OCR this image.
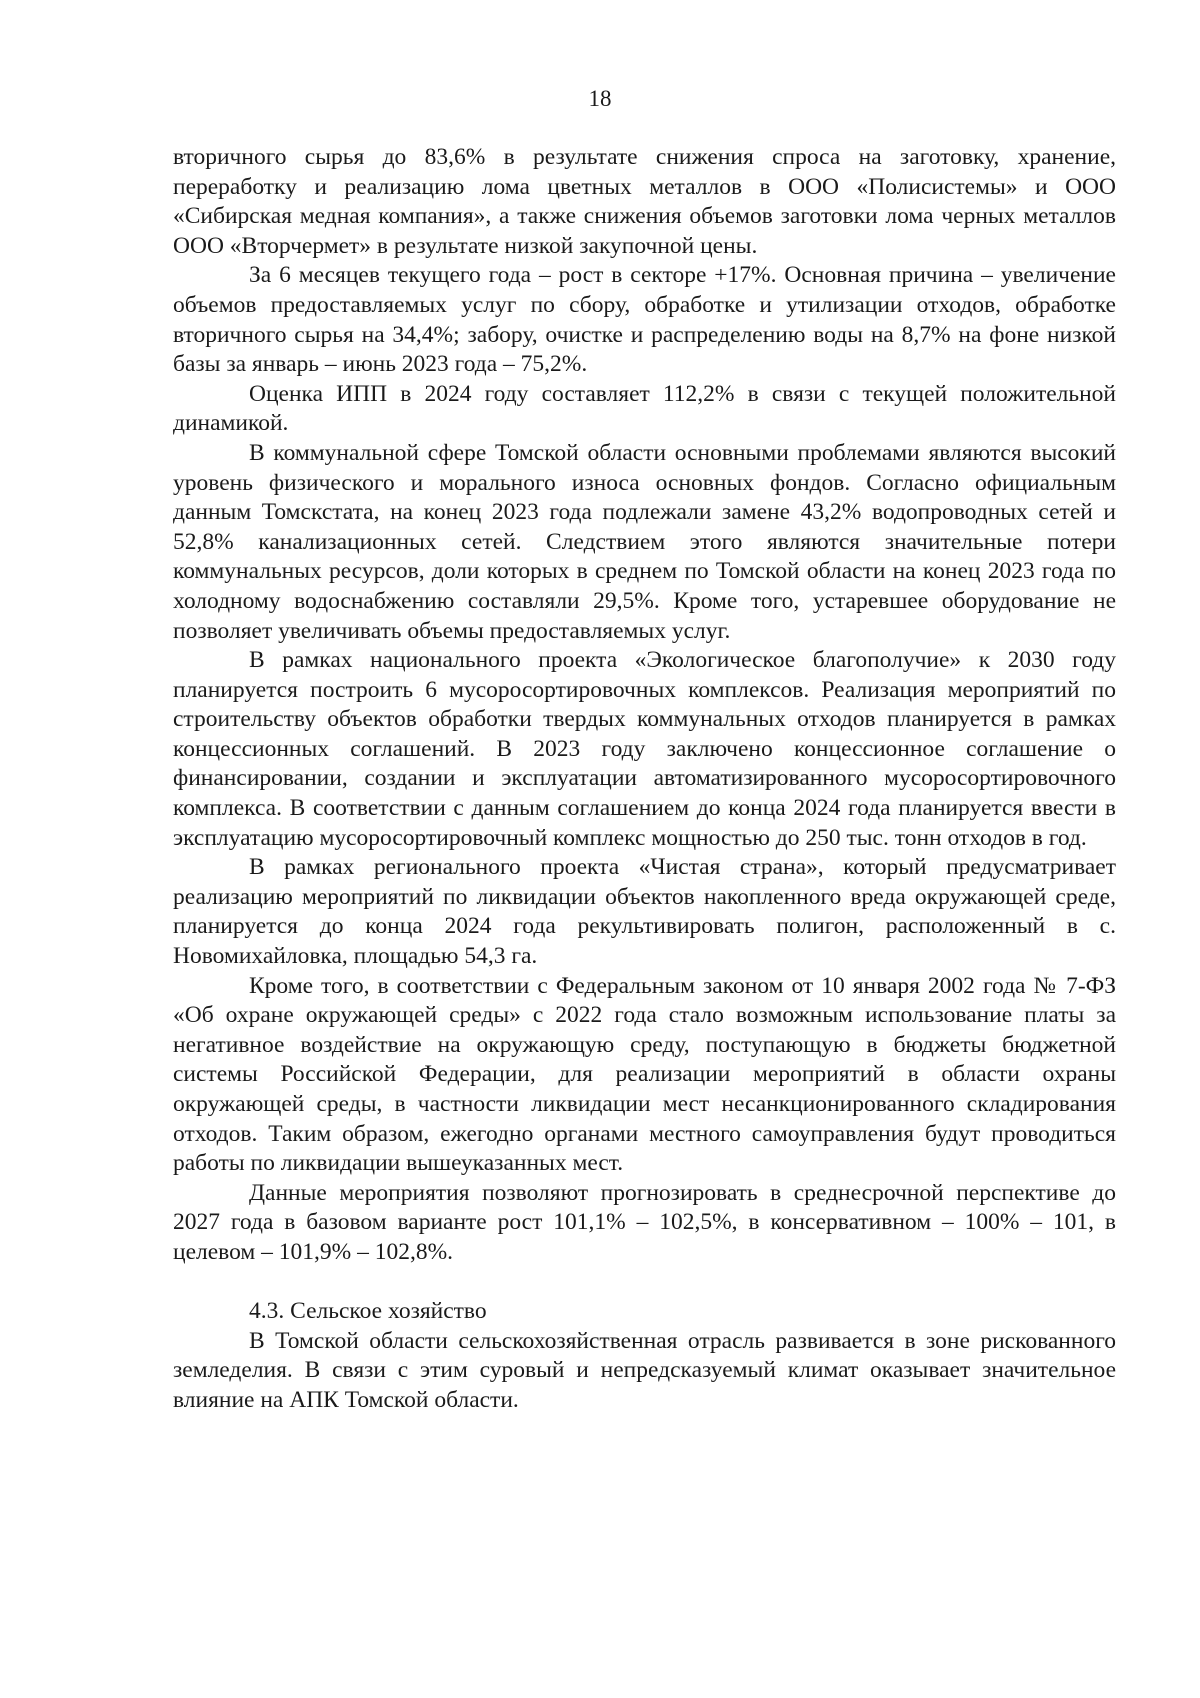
18

вторичного сырья до 83,6% в результате снижения спроса на заготовку, хранение, переработку и реализацию лома цветных металлов в ООО «Полисистемы» и ООО «Сибирская медная компания», а также снижения объемов заготовки лома черных металлов ООО «Вторчермет» в результате низкой закупочной цены.

За 6 месяцев текущего года – рост в секторе +17%. Основная причина – увеличение объемов предоставляемых услуг по сбору, обработке и утилизации отходов, обработке вторичного сырья на 34,4%; забору, очистке и распределению воды на 8,7% на фоне низкой базы за январь – июнь 2023 года – 75,2%.

Оценка ИПП в 2024 году составляет 112,2% в связи с текущей положительной динамикой.

В коммунальной сфере Томской области основными проблемами являются высокий уровень физического и морального износа основных фондов. Согласно официальным данным Томскстата, на конец 2023 года подлежали замене 43,2% водопроводных сетей и 52,8% канализационных сетей. Следствием этого являются значительные потери коммунальных ресурсов, доли которых в среднем по Томской области на конец 2023 года по холодному водоснабжению составляли 29,5%. Кроме того, устаревшее оборудование не позволяет увеличивать объемы предоставляемых услуг.

В рамках национального проекта «Экологическое благополучие» к 2030 году планируется построить 6 мусоросортировочных комплексов. Реализация мероприятий по строительству объектов обработки твердых коммунальных отходов планируется в рамках концессионных соглашений. В 2023 году заключено концессионное соглашение о финансировании, создании и эксплуатации автоматизированного мусоросортировочного комплекса. В соответствии с данным соглашением до конца 2024 года планируется ввести в эксплуатацию мусоросортировочный комплекс мощностью до 250 тыс. тонн отходов в год.

В рамках регионального проекта «Чистая страна», который предусматривает реализацию мероприятий по ликвидации объектов накопленного вреда окружающей среде, планируется до конца 2024 года рекультивировать полигон, расположенный в с. Новомихайловка, площадью 54,3 га.

Кроме того, в соответствии с Федеральным законом от 10 января 2002 года № 7-ФЗ «Об охране окружающей среды» с 2022 года стало возможным использование платы за негативное воздействие на окружающую среду, поступающую в бюджеты бюджетной системы Российской Федерации, для реализации мероприятий в области охраны окружающей среды, в частности ликвидации мест несанкционированного складирования отходов. Таким образом, ежегодно органами местного самоуправления будут проводиться работы по ликвидации вышеуказанных мест.

Данные мероприятия позволяют прогнозировать в среднесрочной перспективе до 2027 года в базовом варианте рост 101,1% – 102,5%, в консервативном – 100% – 101, в целевом – 101,9% – 102,8%.

4.3. Сельское хозяйство

В Томской области сельскохозяйственная отрасль развивается в зоне рискованного земледелия. В связи с этим суровый и непредсказуемый климат оказывает значительное влияние на АПК Томской области.
